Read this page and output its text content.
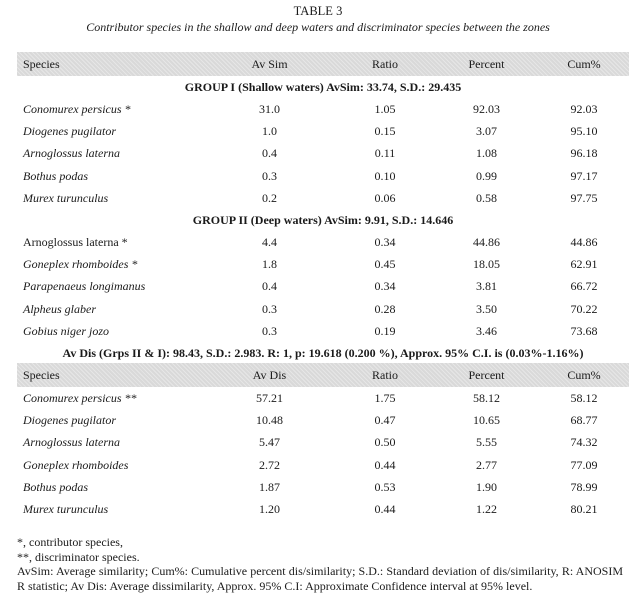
TABLE 3
Contributor species in the shallow and deep waters and discriminator species between the zones
Species	Av Sim	Ratio	Percent	Cum%
GROUP I (Shallow waters) AvSim: 33.74, S.D.: 29.435				
Conomurex persicus *	31.0	1.05	92.03	92.03
Diogenes pugilator	1.0	0.15	3.07	95.10
Arnoglossus laterna	0.4	0.11	1.08	96.18
Bothus podas	0.3	0.10	0.99	97.17
Murex turunculus	0.2	0.06	0.58	97.75
GROUP II (Deep waters) AvSim: 9.91, S.D.: 14.646				
Arnoglossus laterna *	4.4	0.34	44.86	44.86
Goneplex rhomboides *	1.8	0.45	18.05	62.91
Parapenaeus longimanus	0.4	0.34	3.81	66.72
Alpheus glaber	0.3	0.28	3.50	70.22
Gobius niger jozo	0.3	0.19	3.46	73.68
Av Dis (Grps II & I): 98.43, S.D.: 2.983. R: 1, p: 19.618 (0.200 %), Approx. 95% C.I. is (0.03%-1.16%)				
Species	Av Dis	Ratio	Percent	Cum%
Conomurex persicus **	57.21	1.75	58.12	58.12
Diogenes pugilator	10.48	0.47	10.65	68.77
Arnoglossus laterna	5.47	0.50	5.55	74.32
Goneplex rhomboides	2.72	0.44	2.77	77.09
Bothus podas	1.87	0.53	1.90	78.99
Murex turunculus	1.20	0.44	1.22	80.21
*, contributor species,
**, discriminator species.
AvSim: Average similarity; Cum%: Cumulative percent dis/similarity; S.D.: Standard deviation of dis/similarity, R: ANOSIM R statistic; Av Dis: Average dissimilarity, Approx. 95% C.I: Approximate Confidence interval at 95% level.
